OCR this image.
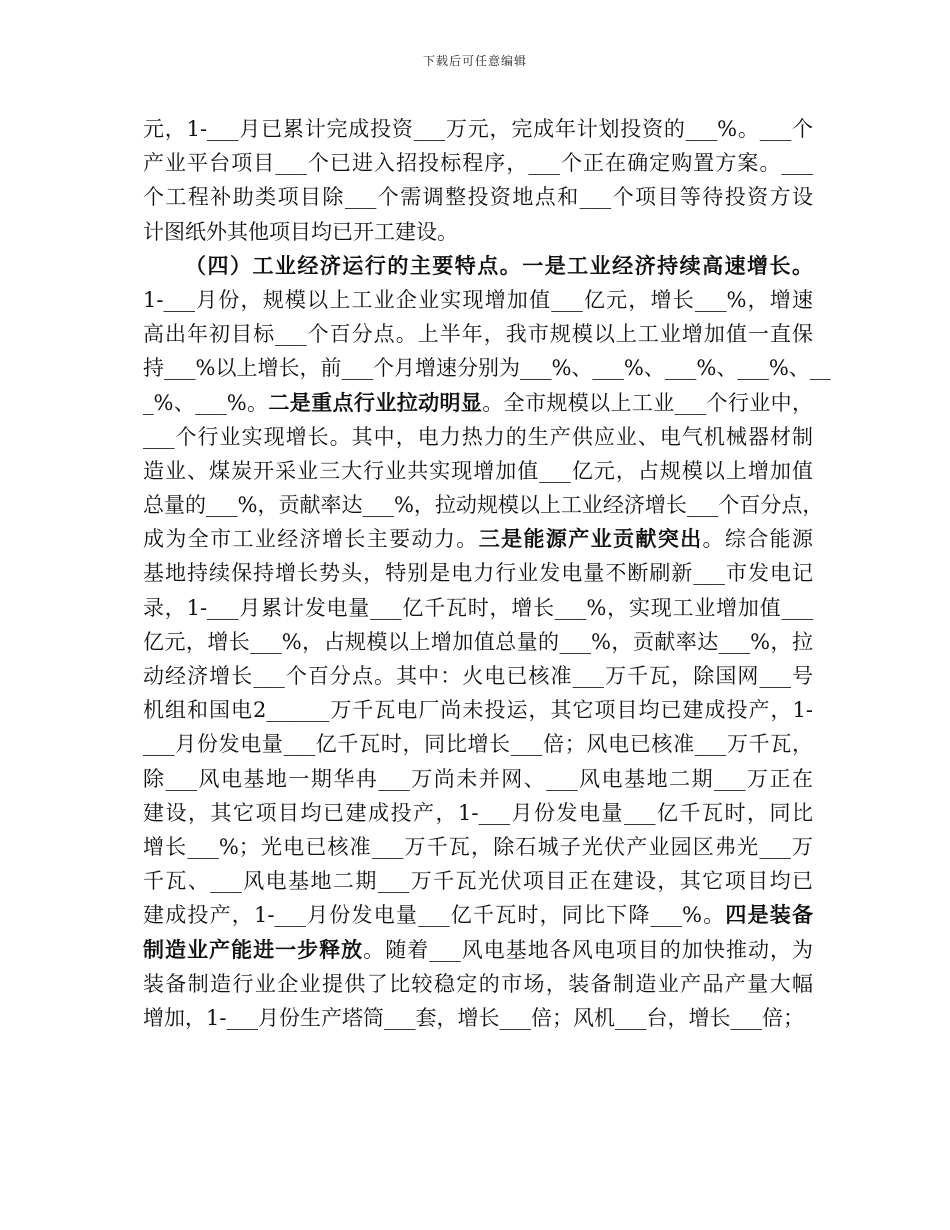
下载后可任意编辑
元，1-___月已累计完成投资___万元，完成年计划投资的___%。___个
产业平台项目___个已进入招投标程序，___个正在确定购置方案。___
个工程补助类项目除___个需调整投资地点和___个项目等待投资方设
计图纸外其他项目均已开工建设。
（四）工业经济运行的主要特点。一是工业经济持续高速增长。
1-___月份，规模以上工业企业实现增加值___亿元，增长___%，增速
高出年初目标___个百分点。上半年，我市规模以上工业增加值一直保
持___%以上增长，前___个月增速分别为___%、___%、___%、___%、__
_%、___%。二是重点行业拉动明显。全市规模以上工业___个行业中，
___个行业实现增长。其中，电力热力的生产供应业、电气机械器材制
造业、煤炭开采业三大行业共实现增加值___亿元，占规模以上增加值
总量的___%，贡献率达___%，拉动规模以上工业经济增长___个百分点，
成为全市工业经济增长主要动力。三是能源产业贡献突出。综合能源
基地持续保持增长势头，特别是电力行业发电量不断刷新___市发电记
录，1-___月累计发电量___亿千瓦时，增长___%，实现工业增加值___
亿元，增长___%，占规模以上增加值总量的___%，贡献率达___%，拉
动经济增长___个百分点。其中：火电已核准___万千瓦，除国网___号
机组和国电2______万千瓦电厂尚未投运，其它项目均已建成投产，1-
___月份发电量___亿千瓦时，同比增长___倍；风电已核准___万千瓦，
除___风电基地一期华冉___万尚未并网、___风电基地二期___万正在
建设，其它项目均已建成投产，1-___月份发电量___亿千瓦时，同比
增长___%；光电已核准___万千瓦，除石城子光伏产业园区弗光___万
千瓦、___风电基地二期___万千瓦光伏项目正在建设，其它项目均已
建成投产，1-___月份发电量___亿千瓦时，同比下降___%。四是装备
制造业产能进一步释放。随着___风电基地各风电项目的加快推动，为
装备制造行业企业提供了比较稳定的市场，装备制造业产品产量大幅
增加，1-___月份生产塔筒___套，增长___倍；风机___台，增长___倍；
